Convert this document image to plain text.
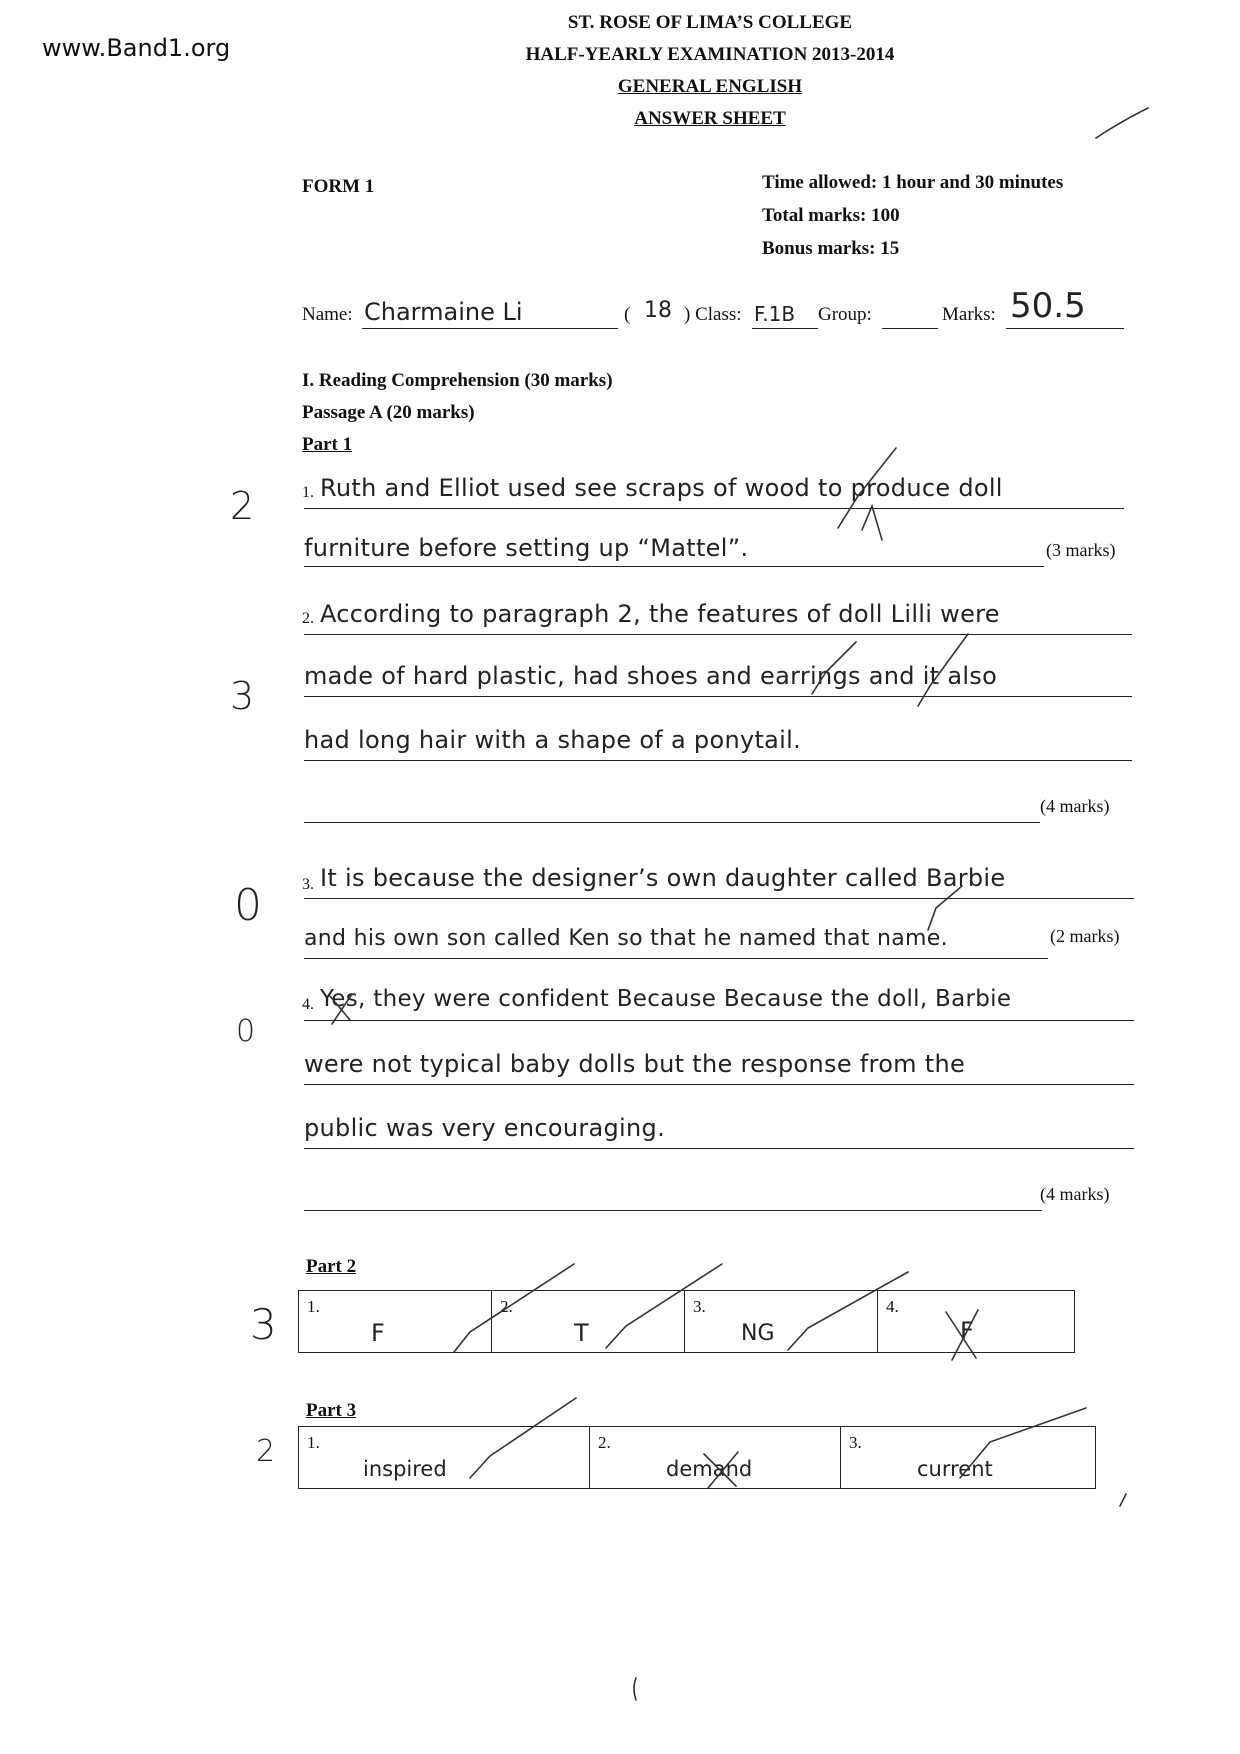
www.Band1.org
ST. ROSE OF LIMA’S COLLEGE
HALF-YEARLY EXAMINATION 2013-2014
GENERAL ENGLISH
ANSWER SHEET
FORM 1	Time allowed: 1 hour and 30 minutes
Total marks: 100
Bonus marks: 15
Name: Charmaine Li	( 18 ) Class: F.1B Group:	Marks: 50.5
I. Reading Comprehension (30 marks)
Passage A (20 marks)
Part 1
2	1. Ruth and Elliot used see scraps of wood to produce doll
furniture before setting up “Mattel”.	(3 marks)
3
2. According to paragraph 2, the features of doll Lilli were
made of hard plastic, had shoes and earrings and it also
had long hair with a shape of a ponytail.
(4 marks)
0	3. It is because the designer’s own daughter called Barbie
and his own son called Ken so that he named that name.	(2 marks)
0
4. Yes, they were confident Because Because the doll, Barbie
were not typical baby dolls but the response from the
public was very encouraging.
(4 marks)
Part 2
3 1.
F

2.
T

3.
NG

4.
F
Part 3
2 1.
inspired

2.
demand

3.
current
